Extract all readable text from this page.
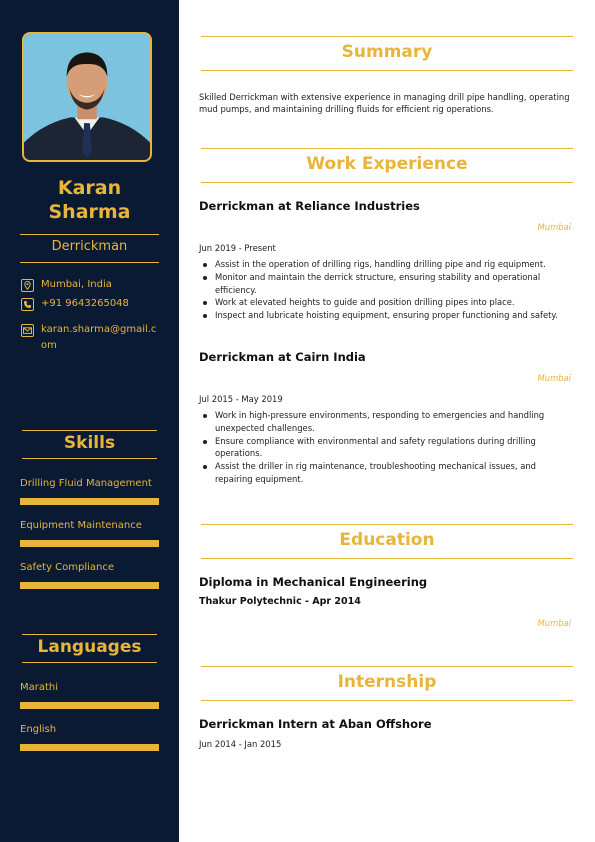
Karan
Sharma
Derrickman
Mumbai, India
+91 9643265048
karan.sharma@gmail.com
Skills
Drilling Fluid Management
Equipment Maintenance
Safety Compliance
Languages
Marathi
English
Summary
Skilled Derrickman with extensive experience in managing drill pipe handling, operating mud pumps, and maintaining drilling fluids for efficient rig operations.
Work Experience
Derrickman at Reliance Industries
Mumbai
Jun 2019 - Present
Assist in the operation of drilling rigs, handling drilling pipe and rig equipment.
Monitor and maintain the derrick structure, ensuring stability and operational efficiency.
Work at elevated heights to guide and position drilling pipes into place.
Inspect and lubricate hoisting equipment, ensuring proper functioning and safety.
Derrickman at Cairn India
Mumbai
Jul 2015 - May 2019
Work in high-pressure environments, responding to emergencies and handling unexpected challenges.
Ensure compliance with environmental and safety regulations during drilling operations.
Assist the driller in rig maintenance, troubleshooting mechanical issues, and repairing equipment.
Education
Diploma in Mechanical Engineering
Thakur Polytechnic - Apr 2014
Mumbai
Internship
Derrickman Intern at Aban Offshore
Jun 2014 - Jan 2015
